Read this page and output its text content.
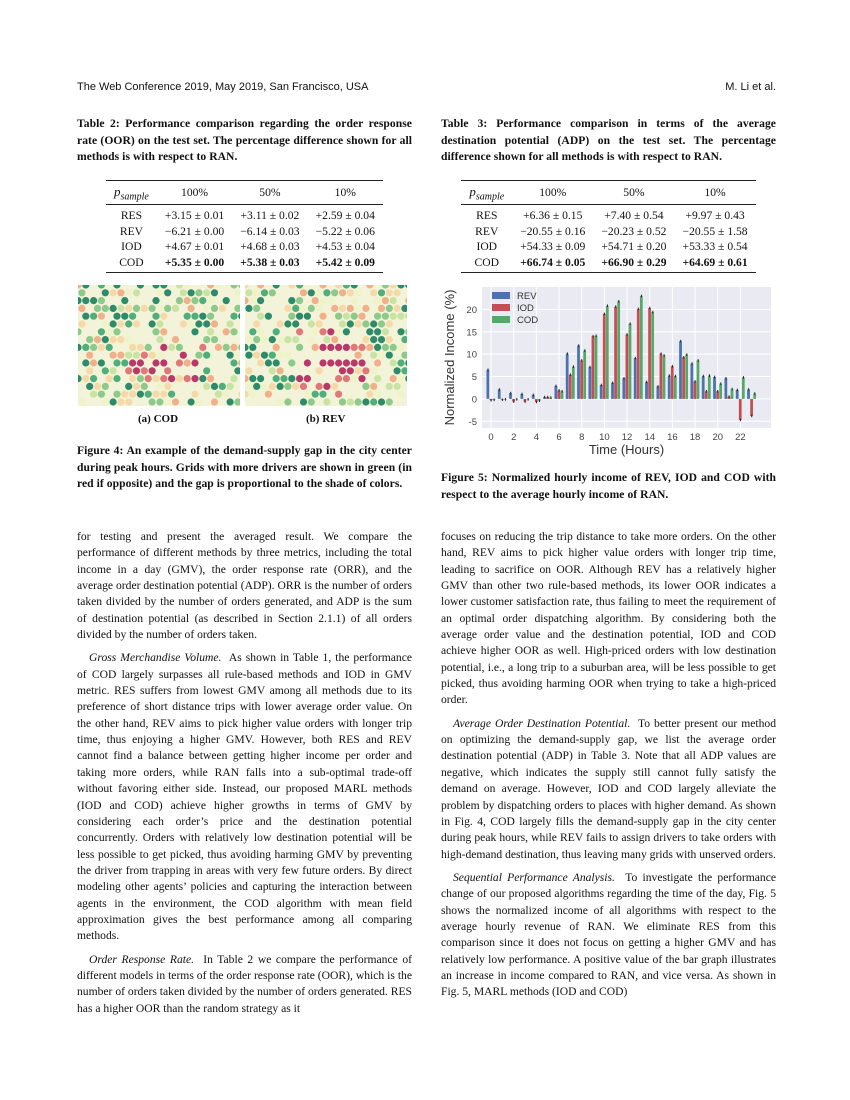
The Web Conference 2019, May 2019, San Francisco, USA	M. Li et al.
Table 2: Performance comparison regarding the order response rate (OOR) on the test set. The percentage difference shown for all methods is with respect to RAN.
$p_{sample}$	100%	50%	10%
RES	+3.15 ± 0.01	+3.11 ± 0.02	+2.59 ± 0.04
REV	−6.21 ± 0.00	−6.14 ± 0.03	−5.22 ± 0.06
IOD	+4.67 ± 0.01	+4.68 ± 0.03	+4.53 ± 0.04
COD	+5.35 ± 0.00	+5.38 ± 0.03	+5.42 ± 0.09
(a) COD	(b) REV
Figure 4: An example of the demand-supply gap in the city center during peak hours. Grids with more drivers are shown in green (in red if opposite) and the gap is proportional to the shade of colors.

for testing and present the averaged result. We compare the performance of different methods by three metrics, including the total income in a day (GMV), the order response rate (ORR), and the average order destination potential (ADP). ORR is the number of orders taken divided by the number of orders generated, and ADP is the sum of destination potential (as described in Section 2.1.1) of all orders divided by the number of orders taken.

Gross Merchandise Volume. As shown in Table 1, the performance of COD largely surpasses all rule-based methods and IOD in GMV metric. RES suffers from lowest GMV among all methods due to its preference of short distance trips with lower average order value. On the other hand, REV aims to pick higher value orders with longer trip time, thus enjoying a higher GMV. However, both RES and REV cannot find a balance between getting higher income per order and taking more orders, while RAN falls into a sub-optimal trade-off without favoring either side. Instead, our proposed MARL methods (IOD and COD) achieve higher growths in terms of GMV by considering each order’s price and the destination potential concurrently. Orders with relatively low destination potential will be less possible to get picked, thus avoiding harming GMV by preventing the driver from trapping in areas with very few future orders. By direct modeling other agents’ policies and capturing the interaction between agents in the environment, the COD algorithm with mean field approximation gives the best performance among all comparing methods.

Order Response Rate. In Table 2 we compare the performance of different models in terms of the order response rate (OOR), which is the number of orders taken divided by the number of orders generated. RES has a higher OOR than the random strategy as it

Table 3: Performance comparison in terms of the average destination potential (ADP) on the test set. The percentage difference shown for all methods is with respect to RAN.
$p_{sample}$	100%	50%	10%
RES	+6.36 ± 0.15	+7.40 ± 0.54	+9.97 ± 0.43
REV	−20.55 ± 0.16	−20.23 ± 0.52	−20.55 ± 1.58
IOD	+54.33 ± 0.09	+54.71 ± 0.20	+53.33 ± 0.54
COD	+66.74 ± 0.05	+66.90 ± 0.29	+64.69 ± 0.61
-5
0
5
10
15
20
0 2 4 6 8 10 12 14 16 18 20 22
REV
IOD
COD
Time (Hours)
Normalized Income (%)
Figure 5: Normalized hourly income of REV, IOD and COD with respect to the average hourly income of RAN.

focuses on reducing the trip distance to take more orders. On the other hand, REV aims to pick higher value orders with longer trip time, leading to sacrifice on OOR. Although REV has a relatively higher GMV than other two rule-based methods, its lower OOR indicates a lower customer satisfaction rate, thus failing to meet the requirement of an optimal order dispatching algorithm. By considering both the average order value and the destination potential, IOD and COD achieve higher OOR as well. High-priced orders with low destination potential, i.e., a long trip to a suburban area, will be less possible to get picked, thus avoiding harming OOR when trying to take a high-priced order.

Average Order Destination Potential. To better present our method on optimizing the demand-supply gap, we list the average order destination potential (ADP) in Table 3. Note that all ADP values are negative, which indicates the supply still cannot fully satisfy the demand on average. However, IOD and COD largely alleviate the problem by dispatching orders to places with higher demand. As shown in Fig. 4, COD largely fills the demand-supply gap in the city center during peak hours, while REV fails to assign drivers to take orders with high-demand destination, thus leaving many grids with unserved orders.

Sequential Performance Analysis. To investigate the performance change of our proposed algorithms regarding the time of the day, Fig. 5 shows the normalized income of all algorithms with respect to the average hourly revenue of RAN. We eliminate RES from this comparison since it does not focus on getting a higher GMV and has relatively low performance. A positive value of the bar graph illustrates an increase in income compared to RAN, and vice versa. As shown in Fig. 5, MARL methods (IOD and COD)
